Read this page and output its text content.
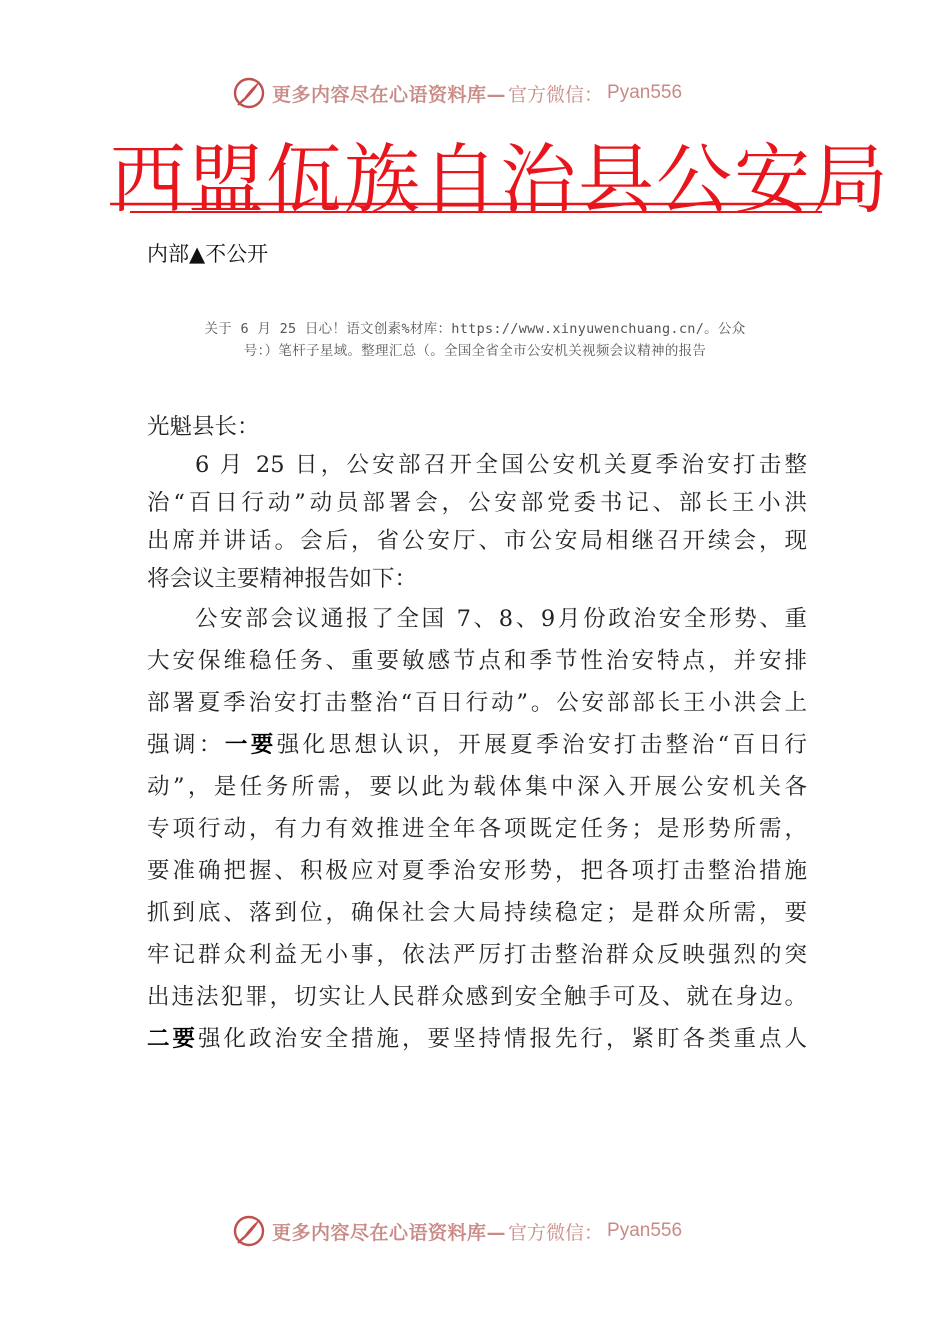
更多内容尽在心语资料库— 官方微信： Pyan556
西盟佤族自治县公安局
内部▲不公开
关于 6 月 25 日心！语文创素%材库：https://www.xinyuwenchuang.cn/。公众
号：）笔杆子星域。整理汇总（。全国全省全市公安机关视频会议精神的报告
光魁县长：
6 月 25 日，公安部召开全国公安机关夏季治安打击整
治“百日行动”动员部署会，公安部党委书记、部长王小洪
出席并讲话。会后，省公安厅、市公安局相继召开续会，现
将会议主要精神报告如下：
公安部会议通报了全国 7、8、9月份政治安全形势、重
大安保维稳任务、重要敏感节点和季节性治安特点，并安排
部署夏季治安打击整治“百日行动”。公安部部长王小洪会上
强调：一要强化思想认识，开展夏季治安打击整治“百日行
动”，是任务所需，要以此为载体集中深入开展公安机关各
专项行动，有力有效推进全年各项既定任务；是形势所需，
要准确把握、积极应对夏季治安形势，把各项打击整治措施
抓到底、落到位，确保社会大局持续稳定；是群众所需，要
牢记群众利益无小事，依法严厉打击整治群众反映强烈的突
出违法犯罪，切实让人民群众感到安全触手可及、就在身边。
二要强化政治安全措施，要坚持情报先行，紧盯各类重点人
更多内容尽在心语资料库— 官方微信： Pyan556
